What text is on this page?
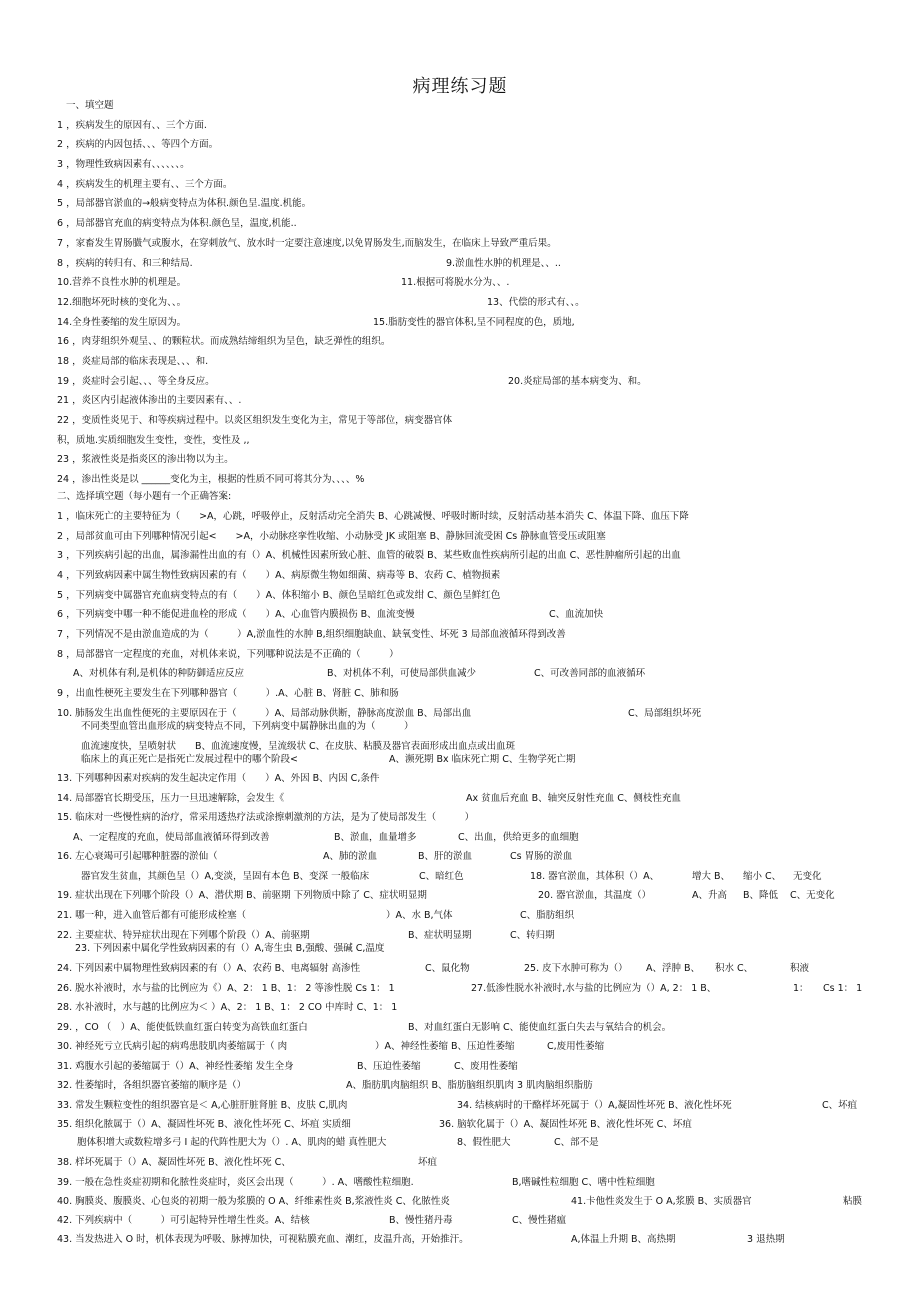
病理练习题
一、填空题
二、选择填空题（每小题有一个正确答案:
1 ，疾病发生的原因有、、三个方面.
2 ，疾病的内因包括、、、等四个方面。
3 ，物理性致病因素有、、、、、、。
4 ，疾病发生的机理主要有、、三个方面。
5 ，局部器官淤血的→般病变特点为体积.颜色呈.温度.机能。
6 ，局部器官充血的病变特点为体积.颜色呈，温度,机能..
7 ，家畜发生胃肠臌气或腹水，在穿刺放气、放水时一定要注意速度,以免胃肠发生,而脑发生，在临床上导致严重后果。
8 ，疾病的转归有、和三种结局.	9.淤血性水肿的机理是、、..
10.营养不良性水肿的机理是。	11.根据可将脱水分为、、.
12.细胞坏死时核的变化为、、。	13、代偿的形式有、、。
14.全身性萎缩的发生原因为。	15.脂肪变性的器官体积,呈不同程度的色，质地,
16 ，肉芽组织外观呈、、的颗粒状。而成熟结缔组织为呈色，缺乏弹性的组织。
18 ，炎症局部的临床表现是、、、和.
19 ，炎症时会引起、、、等全身反应。	20.炎症局部的基本病变为、和。
21 ，炎区内引起液体渗出的主要因素有、、.
22 ，变质性炎见于、和等疾病过程中。以炎区组织发生变化为主，常见于等部位，病变器官体
积，质地.实质细胞发生变性，变性，变性及 ,,
23 ，浆液性炎是指炎区的渗出物以为主。
24 ，渗出性炎是以 ______变化为主，根据的性质不同可将其分为、、、、%
1 ，临床死亡的主要特征为（　　>A，心跳，呼吸停止，反射活动完全消失 B、心跳减慢、呼吸时断时续，反射活动基本消失 C、体温下降、血压下降
2 ，局部贫血可由下列哪种情况引起<　　>A，小动脉痉挛性收缩、小动脉受 JK 或阻塞 B、静脉回流受困 Cs 静脉血管受压或阻塞
3 ，下列疾病引起的出血，属渗漏性出血的有（）A、机械性因素所致心脏、血管的破裂 B、某些败血性疾病所引起的出血 C、恶性肿瘤所引起的出血
4 ，下列致病因素中属生物性致病因素的有（　　）A、病原微生物如细菌、病毒等 B、农药 C、植物损素
5 ，下列病变中属器官充血病变特点的有（　　）A、体积缩小 B、颜色呈暗红色或发绀 C、颜色呈鲜红色
6 ，下列病变中哪一种不能促进血栓的形成（　　）A、心血管内膜损伤 B、血流变慢	C、血流加快
7 ，下列情况不是由淤血造成的为（　　　）A,淤血性的水肿 B,组织细胞缺血、缺氧变性、坏死 3 局部血液循环得到改善
8 ，局部器官一定程度的充血，对机体来说，下列哪种说法是不正确的（　　　）
A、对机体有利,是机体的种防御适应反应	B、对机体不利，可使局部供血减少	C、可改善同部的血液循环
9 ，出血性梗死主要发生在下列哪种器官（　　　）.A、心脏 B、肾脏 C、肺和肠
10. 肺肠发生出血性便死的主要原因在于（　　　）A、局部动脉供断，静脉高度淤血 B、局部出血	C、局部组织坏死
不同类型血管出血形成的病变特点不同，下列病变中属静脉出血的为（　　　）
血流速度快，呈喷射状　　B、血流速度慢，呈流级状 C、在皮肤、粘膜及器官表面形成出血点或出血斑
临床上的真正死亡是指死亡发展过程中的哪个阶段<	A、濒死期 Bx 临床死亡期 C、生物学死亡期
13. 下列哪种因素对疾病的发生起决定作用（　　）A、外因 B、内因 C,条件
14. 局部器官长期受压，压力一旦迅速解除，会发生《	Ax 贫血后充血 B、轴突反射性充血 C、侧枝性充血
15. 临床对一些慢性病的治疗，常采用透热疗法或涂擦刺激剂的方法，是为了使局部发生（　　　）
A、一定程度的充血，使局部血液循环得到改善	B、淤血，血量增多	C、出血，供给更多的血细胞
16. 左心衰竭可引起哪种脏器的淤仙（	A、肺的淤血	B、肝的淤血	Cs 胃肠的淤血
器官发生贫血，其颜色呈（）A,变淡，呈固有本色 B、变深 一般临床	C、暗红色	18. 器官淤血，其体积（）A、	增大 B、 缩小 C、 无变化
19. 症状出现在下列哪个阶段（）A、潜伏期 B、前驱期 下列物质中除了 C、症状明显期	20. 器官淤血，其温度（）	A、升高 B、降低 C、无变化
21. 哪一种，进入血管后都有可能形成栓塞（	）A、水 B,气体	C、脂肪组织
22. 主要症状、特异症状出现在下列哪个阶段（）A、前驱期	B、症状明显期	C、转归期
23. 下列因素中属化学性致病因素的有（）A,寄生虫 B,强酸、强碱 C,温度
24. 下列因素中属物理性致病因素的有（）A、农药 B、电离辐射 高渗性	C、鼠化物	25. 皮下水肿可称为（） A、浮肿 B、 积水 C、	积液
26. 脱水补液时，水与盐的比例应为《）A、2： 1 B、1： 2 等渗性脱 Cs 1： 1	27.低渗性脱水补液时,水与盐的比例应为（）A, 2： 1 B、	1： Cs 1： 1
28. 水补液时，水与越的比例应为＜ ）A、2： 1 B、1： 2 CO 中库时 C、1： 1
29. ，CO （　）A、能使低铁血红蛋白转变为高铁血红蛋白	B、对血红蛋白无影响 C、能使血红蛋白失去与氧结合的机会。
30. 神经死亏立氏病引起的病鸡患肢肌肉萎缩属于（ 肉	）A、神经性萎缩 B、压迫性萎缩	C,废用性萎缩
31. 鸡腹水引起的萎缩属于（）A、神经性萎缩 发生全身	B、压迫性萎缩	C、废用性萎缩
32. 性萎缩时，各组织器官萎缩的顺序是（）	A、脂肪肌肉脑组织 B、脂肪脑组织肌肉 3 肌肉脑组织脂肪
33. 常发生颗粒变性的组织器官是＜ A,心脏肝脏肾脏 B、皮肤 C,肌肉	34. 结核病时的干酪样坏死属于（）A,凝固性坏死 B、液化性坏死	C、坏疽
35. 组织化脓属于（）A、凝固性坏死 B、液化性坏死 C、坏疽 实质细	36. 脑软化属于（）A、凝固性坏死 B、液化性坏死 C、坏疽
胞体积增大或数粒增多弓 I 起的代阵性肥大为（）. A、肌肉的蜡 真性肥大	8、假性肥大	C、部不是
38. 样坏死属于（）A、凝固性坏死 B、液化性坏死 C、	坏疽
39. 一般在急性炎症初期和化脓性炎症时，炎区会出现（　　　）. A、嗜酸性粒细胞.	B,嗜碱性粒细胞 C、嗜中性粒细胞
40. 胸膜炎、腹膜炎、心包炎的初期一般为浆膜的 O A、纤维素性炎 B,浆液性炎 C、化脓性炎	41.卡他性炎发生于 O A,浆膜 B、实质器官	粘膜
42. 下列疾病中（　　　）可引起特异性增生性炎。A、结核	B、慢性猪丹毒	C、慢性猪瘟
43. 当发热进入 O 时，机体表现为呼吸、脉搏加快，可视粘膜充血、潮红，皮温升高，开始推汗。	A,体温上升期 B、高热期	3 退热期
